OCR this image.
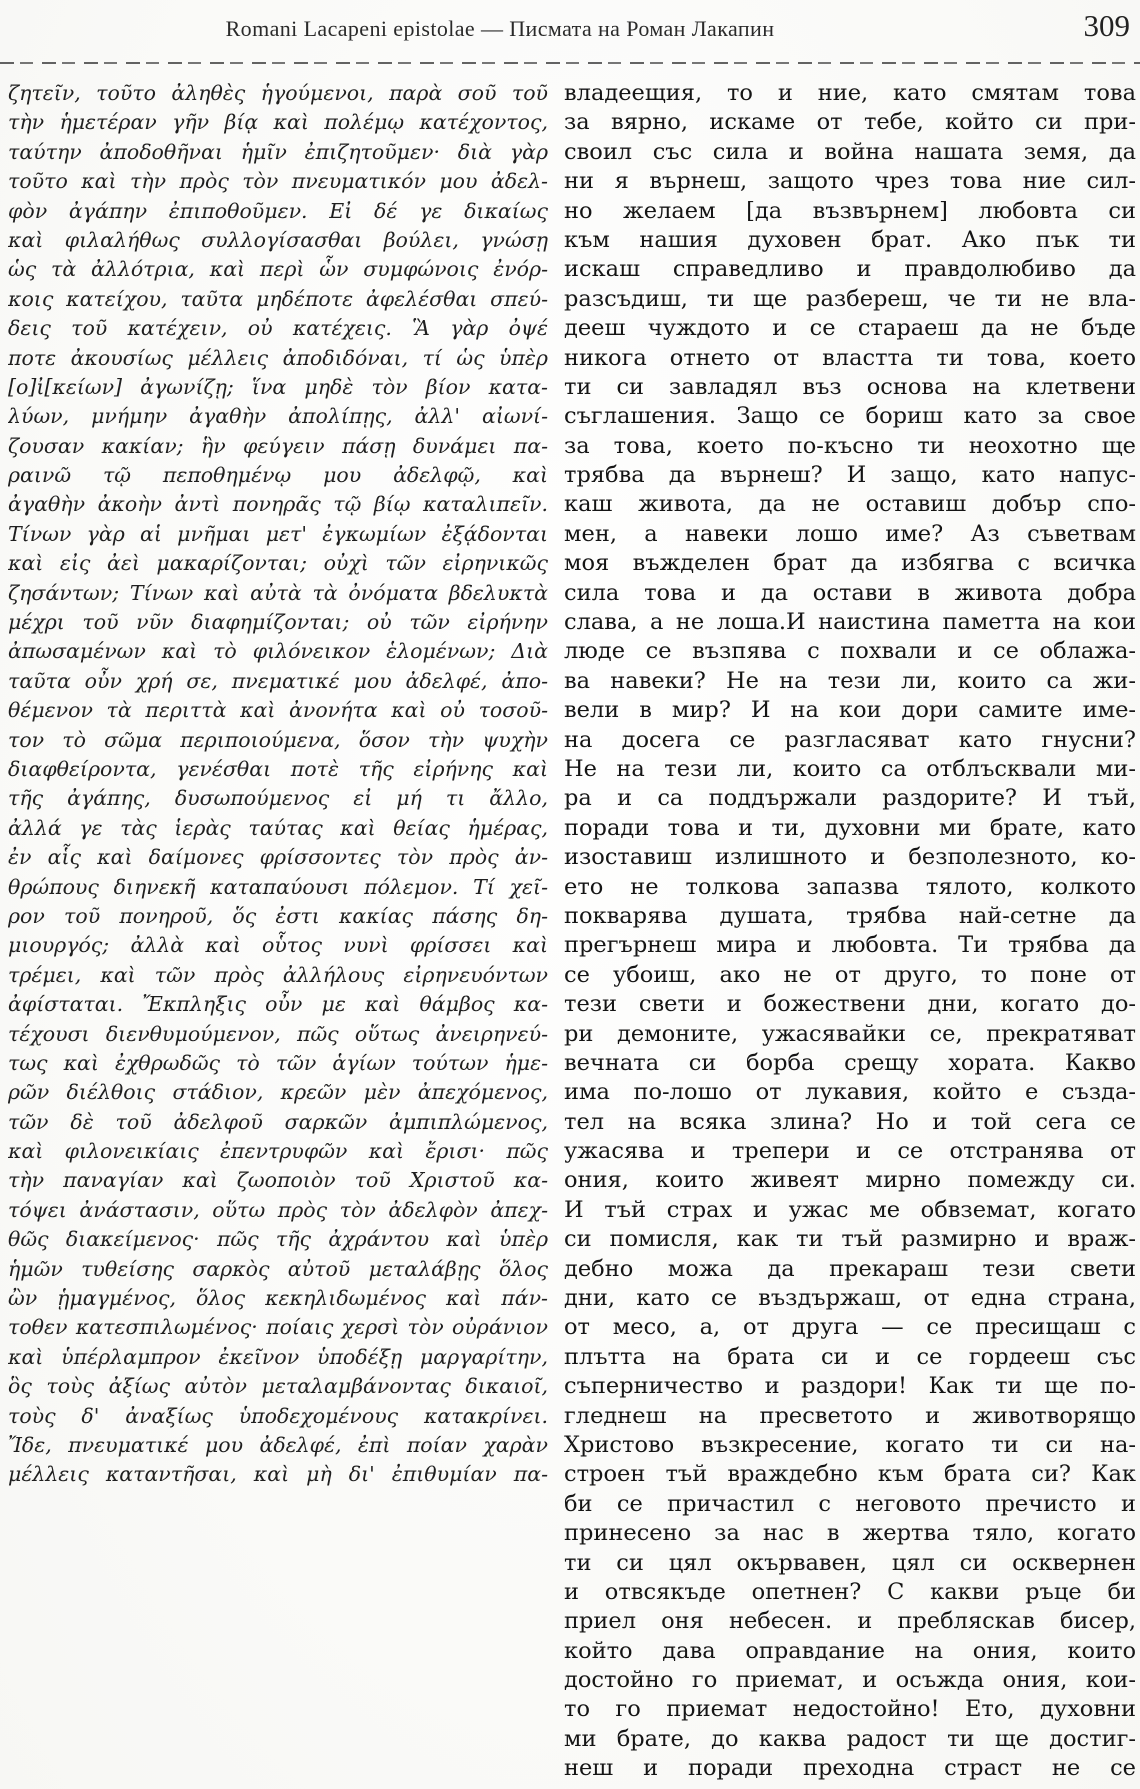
Romani Lacapeni epistolae — Писмата на Роман Лакапин	309
ζητεῖν, τοῦτο ἀληθὲς ἡγούμενοι, παρὰ σοῦ τοῦ
τὴν ἡμετέραν γῆν βίᾳ καὶ πολέμῳ κατέχοντος,
ταύτην ἀποδοθῆναι ἡμῖν ἐπιζητοῦμεν· διὰ γὰρ
τοῦτο καὶ τὴν πρὸς τὸν πνευματικόν μου ἀδελ-
φὸν ἀγάπην ἐπιποθοῦμεν. Εἰ δέ γε δικαίως
καὶ φιλαλήθως συλλογίσασθαι βούλει, γνώσῃ
ὡς τὰ ἀλλότρια, καὶ περὶ ὧν συμφώνοις ἐνόρ-
κοις κατείχου, ταῦτα μηδέποτε ἀφελέσθαι σπεύ-
δεις τοῦ κατέχειν, οὐ κατέχεις. Ἃ γὰρ ὀψέ
ποτε ἀκουσίως μέλλεις ἀποδιδόναι, τί ὡς ὑπὲρ
[ο]ἰ[κείων] ἀγωνίζῃ; ἵνα μηδὲ τὸν βίον κατα-
λύων, μνήμην ἀγαθὴν ἀπολίπῃς, ἀλλ' αἰωνί-
ζουσαν κακίαν; ἣν φεύγειν πάσῃ δυνάμει πα-
ραινῶ τῷ πεποθημένῳ μου ἀδελφῷ, καὶ
ἀγαθὴν ἀκοὴν ἀντὶ πονηρᾶς τῷ βίῳ καταλιπεῖν.
Τίνων γὰρ αἱ μνῆμαι μετ' ἐγκωμίων ἐξᾴδονται
καὶ εἰς ἀεὶ μακαρίζονται; οὐχὶ τῶν εἰρηνικῶς
ζησάντων; Τίνων καὶ αὐτὰ τὰ ὀνόματα βδελυκτὰ
μέχρι τοῦ νῦν διαφημίζονται; οὐ τῶν εἰρήνην
ἀπωσαμένων καὶ τὸ φιλόνεικον ἑλομένων; Διὰ
ταῦτα οὖν χρή σε, πνεματικέ μου ἀδελφέ, ἀπο-
θέμενον τὰ περιττὰ καὶ ἀνονήτα καὶ οὐ τοσοῦ-
τον τὸ σῶμα περιποιούμενα, ὅσον τὴν ψυχὴν
διαφθείροντα, γενέσθαι ποτὲ τῆς εἰρήνης καὶ
τῆς ἀγάπης, δυσωπούμενος εἰ μή τι ἄλλο,
ἀλλά γε τὰς ἱερὰς ταύτας καὶ θείας ἡμέρας,
ἐν αἷς καὶ δαίμονες φρίσσοντες τὸν πρὸς ἀν-
θρώπους διηνεκῆ καταπαύουσι πόλεμον. Τί χεῖ-
ρον τοῦ πονηροῦ, ὅς ἐστι κακίας πάσης δη-
μιουργός; ἀλλὰ καὶ οὗτος νυνὶ φρίσσει καὶ
τρέμει, καὶ τῶν πρὸς ἀλλήλους εἰρηνευόντων
ἀφίσταται. Ἔκπληξις οὖν με καὶ θάμβος κα-
τέχουσι διενθυμούμενον, πῶς οὕτως ἀνειρηνεύ-
τως καὶ ἐχθρωδῶς τὸ τῶν ἁγίων τούτων ἡμε-
ρῶν διέλθοις στάδιον, κρεῶν μὲν ἀπεχόμενος,
τῶν δὲ τοῦ ἀδελφοῦ σαρκῶν ἀμπιπλώμενος,
καὶ φιλονεικίαις ἐπεντρυφῶν καὶ ἔρισι· πῶς
τὴν παναγίαν καὶ ζωοποιὸν τοῦ Χριστοῦ κα-
τόψει ἀνάστασιν, οὕτω πρὸς τὸν ἀδελφὸν ἀπεχ-
θῶς διακείμενος· πῶς τῆς ἀχράντου καὶ ὑπὲρ
ἡμῶν τυθείσης σαρκὸς αὐτοῦ μεταλάβῃς ὅλος
ὢν ᾑμαγμένος, ὅλος κεκηλιδωμένος καὶ πάν-
τοθεν κατεσπιλωμένος· ποίαις χερσὶ τὸν οὐράνιον
καὶ ὑπέρλαμπρον ἐκεῖνον ὑποδέξῃ μαργαρίτην,
ὃς τοὺς ἀξίως αὐτὸν μεταλαμβάνοντας δικαιοῖ,
τοὺς δ' ἀναξίως ὑποδεχομένους κατακρίνει.
Ἴδε, πνευματικέ μου ἀδελφέ, ἐπὶ ποίαν χαρὰν
μέλλεις καταντῆσαι, καὶ μὴ δι' ἐπιθυμίαν πα-
владеещия, то и ние, като смятам това
за вярно, искаме от тебе, който си при-
своил със сила и война нашата земя, да
ни я върнеш, защото чрез това ние сил-
но желаем [да възвърнем] любовта си
към нашия духовен брат. Ако пък ти
искаш справедливо и правдолюбиво да
разсъдиш, ти ще разбереш, че ти не вла-
дееш чуждото и се стараеш да не бъде
никога отнето от властта ти това, което
ти си завладял въз основа на клетвени
съглашения. Защо се бориш като за свое
за това, което по-късно ти неохотно ще
трябва да върнеш? И защо, като напус-
каш живота, да не оставиш добър спо-
мен, а навеки лошо име? Аз съветвам
моя въжделен брат да избягва с всичка
сила това и да остави в живота добра
слава, а не лоша.И наистина паметта на кои
люде се възпява с похвали и се облажа-
ва навеки? Не на тези ли, които са жи-
вели в мир? И на кои дори самите име-
на досега се разгласяват като гнусни?
Не на тези ли, които са отблъсквали ми-
ра и са поддържали раздорите? И тъй,
поради това и ти, духовни ми брате, като
изоставиш излишното и безполезното, ко-
ето не толкова запазва тялото, колкото
покварява душата, трябва най-сетне да
прегърнеш мира и любовта. Ти трябва да
се убоиш, ако не от друго, то поне от
тези свети и божествени дни, когато до-
ри демоните, ужасявайки се, прекратяват
вечната си борба срещу хората. Какво
има по-лошо от лукавия, който е създа-
тел на всяка злина? Но и той сега се
ужасява и трепери и се отстранява от
ония, които живеят мирно помежду си.
И тъй страх и ужас ме обвземат, когато
си помисля, как ти тъй размирно и враж-
дебно можа да прекараш тези свети
дни, като се въздържаш, от една страна,
от месо, а, от друга — се пресищаш с
плътта на брата си и се гордееш със
съперничество и раздори! Как ти ще по-
гледнеш на пресветото и животворящо
Христово възкресение, когато ти си на-
строен тъй враждебно към брата си? Как
би се причастил с неговото пречисто и
принесено за нас в жертва тяло, когато
ти си цял окървавен, цял си осквернен
и отвсякъде опетнен? С какви ръце би
приел оня небесен. и пребляскав бисер,
който дава оправдание на ония, които
достойно го приемат, и осъжда ония, кои-
то го приемат недостойно! Ето, духовни
ми брате, до каква радост ти ще достиг-
неш и поради преходна страст не се
